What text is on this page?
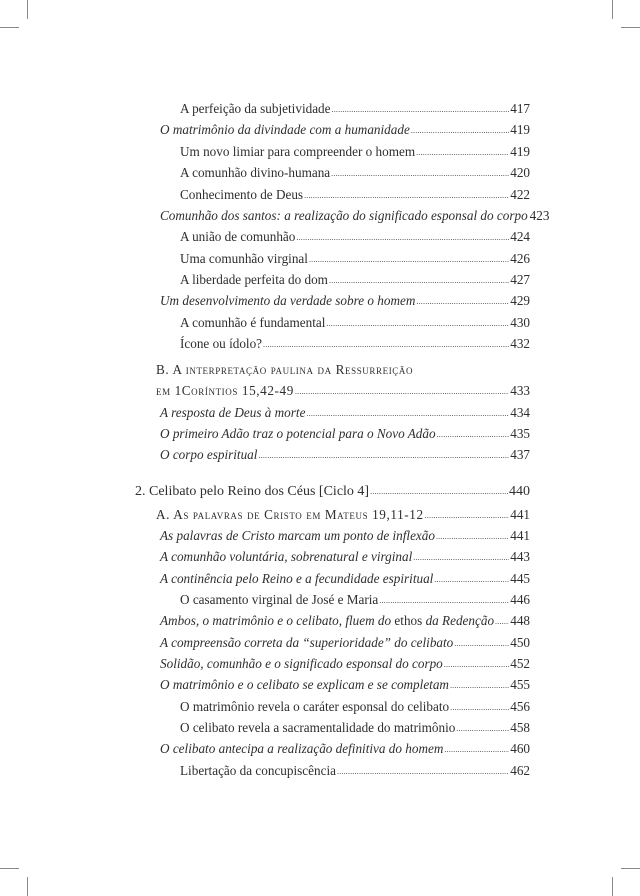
A perfeição da subjetividade .....	417
O matrimônio da divindade com a humanidade .....	419
Um novo limiar para compreender o homem .....	419
A comunhão divino-humana .....	420
Conhecimento de Deus .....	422
Comunhão dos santos: a realização do significado esponsal do corpo 423
A união de comunhão .....	424
Uma comunhão virginal .....	426
A liberdade perfeita do dom .....	427
Um desenvolvimento da verdade sobre o homem .....	429
A comunhão é fundamental .....	430
Ícone ou ídolo? .....	432
B. A interpretação paulina da Ressurreição
em 1Coríntios 15,42-49 .....	433
A resposta de Deus à morte .....	434
O primeiro Adão traz o potencial para o Novo Adão .....	435
O corpo espiritual .....	437
2. Celibato pelo Reino dos Céus [Ciclo 4] .....	440
A. As palavras de Cristo em Mateus 19,11-12 .....	441
As palavras de Cristo marcam um ponto de inflexão .....	441
A comunhão voluntária, sobrenatural e virginal .....	443
A continência pelo Reino e a fecundidade espiritual .....	445
O casamento virginal de José e Maria .....	446
Ambos, o matrimônio e o celibato, fluem do ethos da Redenção ..... 448
A compreensão correta da “superioridade” do celibato .....	450
Solidão, comunhão e o significado esponsal do corpo .....	452
O matrimônio e o celibato se explicam e se completam .....	455
O matrimônio revela o caráter esponsal do celibato .....	456
O celibato revela a sacramentalidade do matrimônio .....	458
O celibato antecipa a realização definitiva do homem .....	460
Libertação da concupiscência .....	462
